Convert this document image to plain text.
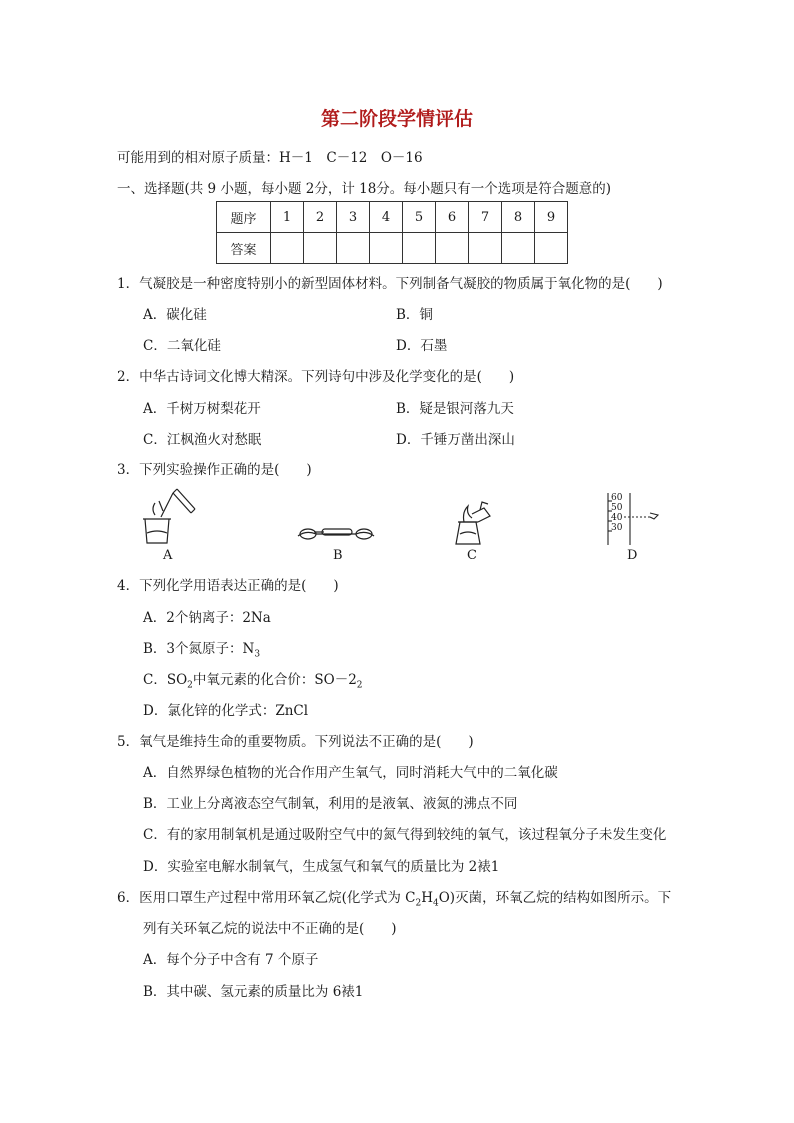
第二阶段学情评估
可能用到的相对原子质量：H－1　C－12　O－16
一、选择题(共 9 小题，每小题 2分，计 18分。每小题只有一个选项是符合题意的)
题序	1	2	3	4	5	6	7	8	9
答案									
1．气凝胶是一种密度特别小的新型固体材料。下列制备气凝胶的物质属于氧化物的是(　　)
A．碳化硅	B．铜
C．二氧化硅	D．石墨
2．中华古诗词文化博大精深。下列诗句中涉及化学变化的是(　　)
A．千树万树梨花开	B．疑是银河落九天
C．江枫渔火对愁眠	D．千锤万凿出深山
3．下列实验操作正确的是(　　)
A	B	C
60
50
40
30
D
4．下列化学用语表达正确的是(　　)
A．2个钠离子：2Na
B．3个氮原子：$N_3$
C．$SO_2$中氧元素的化合价：$SO-2_2$
D．氯化锌的化学式：ZnCl
5．氧气是维持生命的重要物质。下列说法不正确的是(　　)
A．自然界绿色植物的光合作用产生氧气，同时消耗大气中的二氧化碳
B．工业上分离液态空气制氧，利用的是液氧、液氮的沸点不同
C．有的家用制氧机是通过吸附空气中的氮气得到较纯的氧气，该过程氧分子未发生变化
D．实验室电解水制氧气，生成氢气和氧气的质量比为 2裱1
6．医用口罩生产过程中常用环氧乙烷(化学式为 $C_2H_4O$)灭菌，环氧乙烷的结构如图所示。下
列有关环氧乙烷的说法中不正确的是(　　)
A．每个分子中含有 7 个原子
B．其中碳、氢元素的质量比为 6裱1
